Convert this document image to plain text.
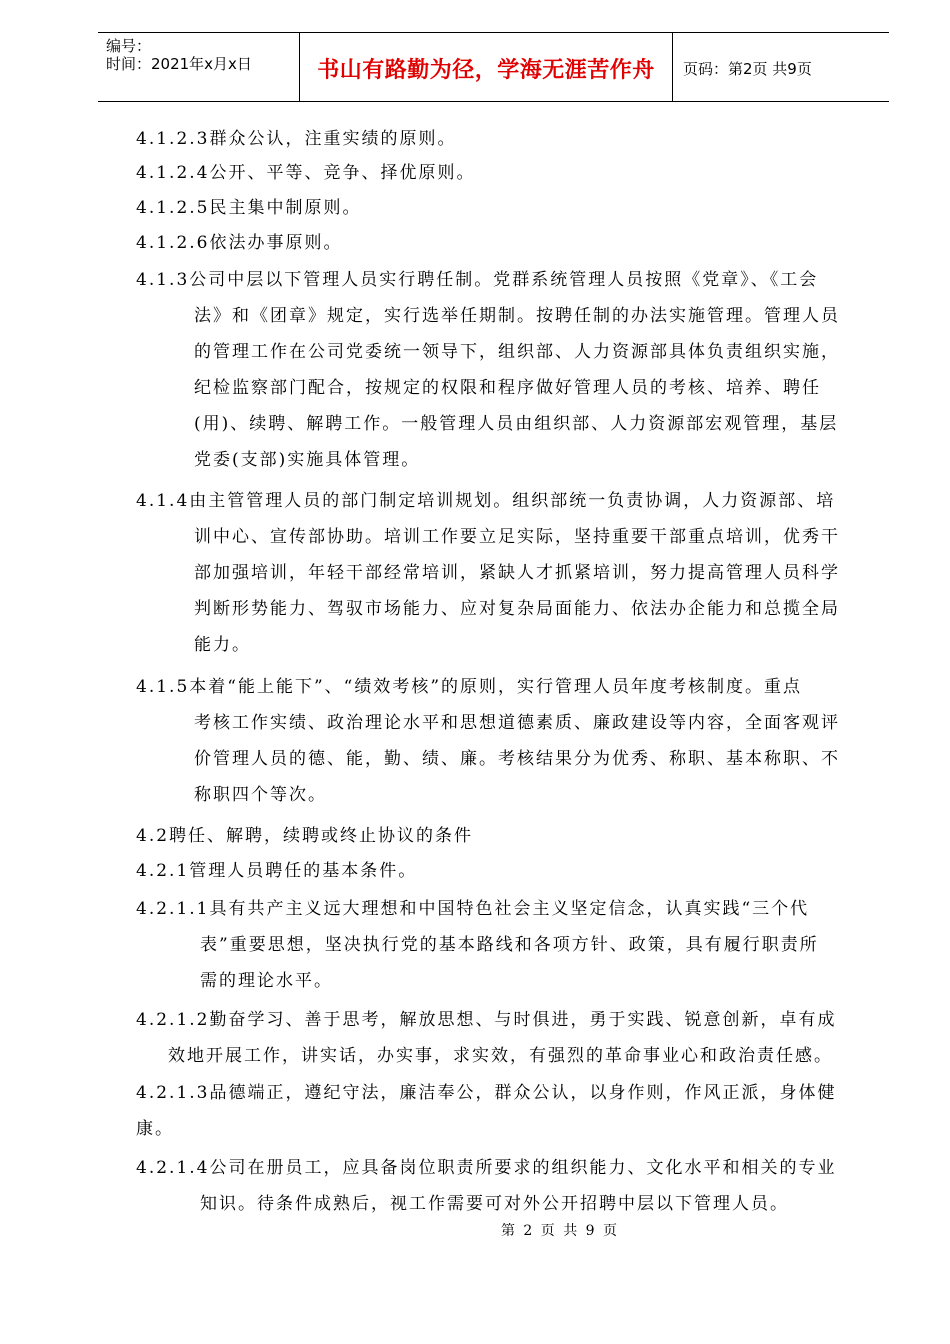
编号：
时间：2021年x月x日	书山有路勤为径，学海无涯苦作舟	页码：第2页 共9页
4.1.2.3群众公认，注重实绩的原则。
4.1.2.4公开、平等、竞争、择优原则。
4.1.2.5民主集中制原则。
4.1.2.6依法办事原则。
4.1.3公司中层以下管理人员实行聘任制。党群系统管理人员按照《党章》、《工会
法》和《团章》规定，实行选举任期制。按聘任制的办法实施管理。管理人员
的管理工作在公司党委统一领导下，组织部、人力资源部具体负责组织实施，
纪检监察部门配合，按规定的权限和程序做好管理人员的考核、培养、聘任
(用)、续聘、解聘工作。一般管理人员由组织部、人力资源部宏观管理，基层
党委(支部)实施具体管理。
4.1.4由主管管理人员的部门制定培训规划。组织部统一负责协调，人力资源部、培
训中心、宣传部协助。培训工作要立足实际，坚持重要干部重点培训，优秀干
部加强培训，年轻干部经常培训，紧缺人才抓紧培训，努力提高管理人员科学
判断形势能力、驾驭市场能力、应对复杂局面能力、依法办企能力和总揽全局
能力。
4.1.5本着“能上能下”、“绩效考核”的原则，实行管理人员年度考核制度。重点
考核工作实绩、政治理论水平和思想道德素质、廉政建设等内容，全面客观评
价管理人员的德、能，勤、绩、廉。考核结果分为优秀、称职、基本称职、不
称职四个等次。
4.2聘任、解聘，续聘或终止协议的条件
4.2.1管理人员聘任的基本条件。
4.2.1.1具有共产主义远大理想和中国特色社会主义坚定信念，认真实践“三个代
表”重要思想，坚决执行党的基本路线和各项方针、政策，具有履行职责所
需的理论水平。
4.2.1.2勤奋学习、善于思考，解放思想、与时俱进，勇于实践、锐意创新，卓有成
效地开展工作，讲实话，办实事，求实效，有强烈的革命事业心和政治责任感。
4.2.1.3品德端正，遵纪守法，廉洁奉公，群众公认，以身作则，作风正派，身体健
康。
4.2.1.4公司在册员工，应具备岗位职责所要求的组织能力、文化水平和相关的专业
知识。待条件成熟后，视工作需要可对外公开招聘中层以下管理人员。
第 2 页 共 9 页
